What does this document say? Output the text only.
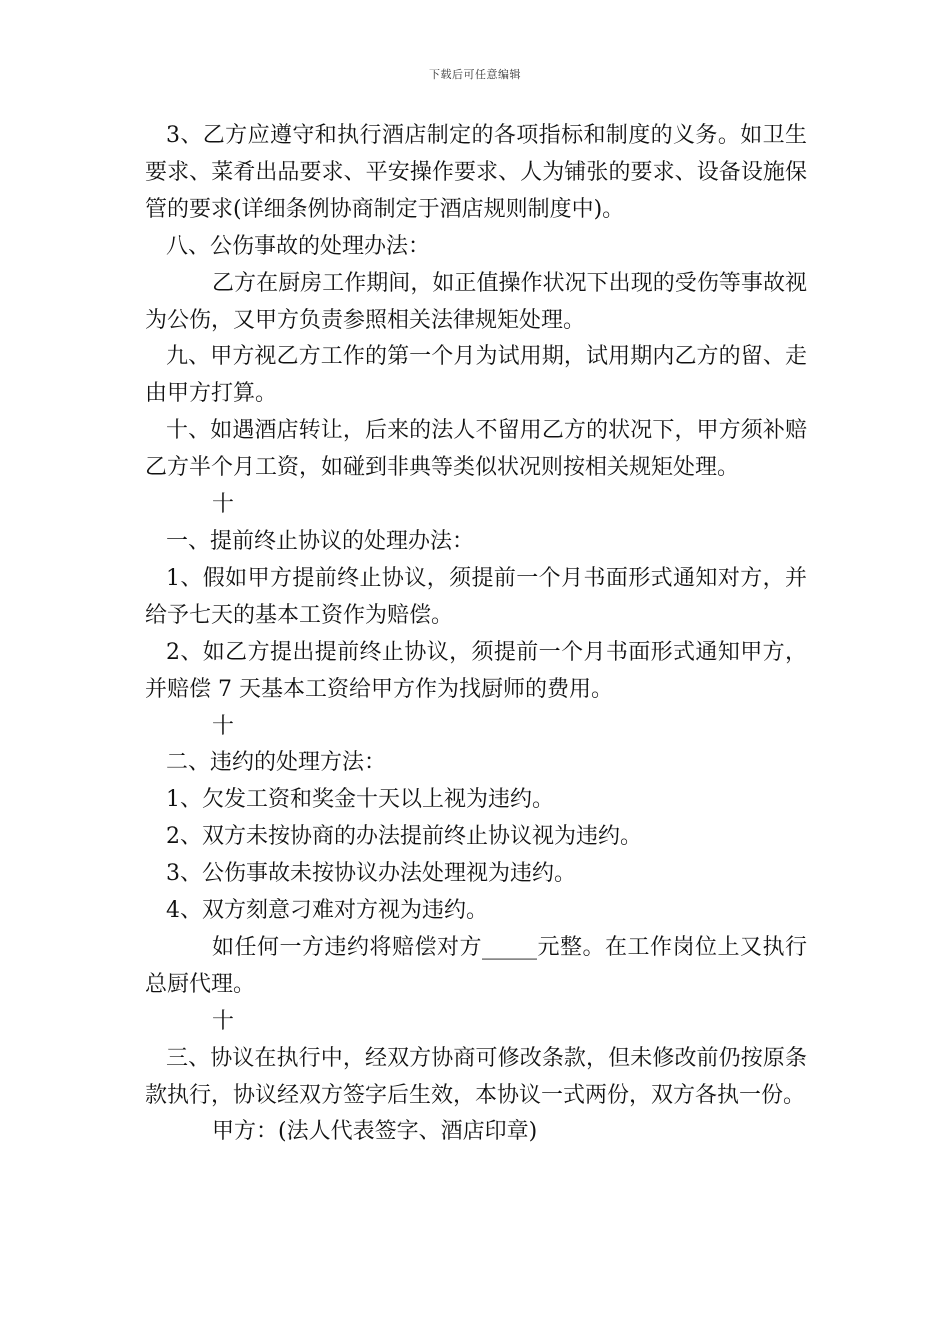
下载后可任意编辑

3、乙方应遵守和执行酒店制定的各项指标和制度的义务。如卫生要求、菜肴出品要求、平安操作要求、人为铺张的要求、设备设施保管的要求(详细条例协商制定于酒店规则制度中)。

八、公伤事故的处理办法：

乙方在厨房工作期间，如正值操作状况下出现的受伤等事故视为公伤，又甲方负责参照相关法律规矩处理。

九、甲方视乙方工作的第一个月为试用期，试用期内乙方的留、走由甲方打算。

十、如遇酒店转让，后来的法人不留用乙方的状况下，甲方须补赔乙方半个月工资，如碰到非典等类似状况则按相关规矩处理。

十

一、提前终止协议的处理办法：

1、假如甲方提前终止协议，须提前一个月书面形式通知对方，并给予七天的基本工资作为赔偿。

2、如乙方提出提前终止协议，须提前一个月书面形式通知甲方，并赔偿 7 天基本工资给甲方作为找厨师的费用。

十

二、违约的处理方法：

1、欠发工资和奖金十天以上视为违约。

2、双方未按协商的办法提前终止协议视为违约。

3、公伤事故未按协议办法处理视为违约。

4、双方刻意刁难对方视为违约。

如任何一方违约将赔偿对方_____元整。在工作岗位上又执行总厨代理。

十

三、协议在执行中，经双方协商可修改条款，但未修改前仍按原条款执行，协议经双方签字后生效，本协议一式两份，双方各执一份。

甲方：(法人代表签字、酒店印章)
